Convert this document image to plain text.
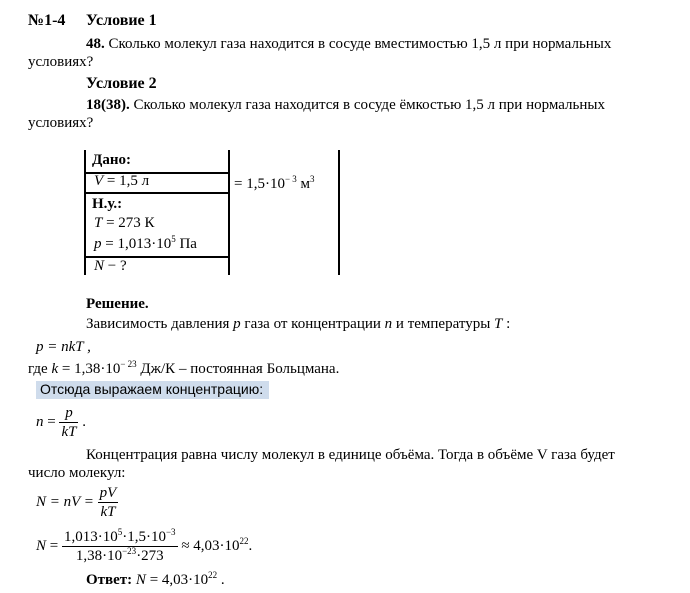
№1-4 Условие 1
48. Сколько молекул газа находится в сосуде вместимостью 1,5 л при нормальных
условиях?
Условие 2
18(38). Сколько молекул газа находится в сосуде ёмкостью 1,5 л при нормальных
условиях?
Дано:
V = 1,5 л	= $1,5\cdot 10^{- 3}$ $м^3$
Н.у.:
T = 273 К
$p = 1,013\cdot 10^5$ Па
N − ?
Решение.
Зависимость давления p газа от концентрации n и температуры T :
p = nkT ,
где $k = 1,38\cdot 10^{- 23}$ Дж/К – постоянная Больцмана.
Отсюда выражаем концентрацию:
$n = \frac{p}{kT}$ .
Концентрация равна числу молекул в единице объёма. Тогда в объёме V газа будет
число молекул:
N = nV = $\frac{pV}{kT}$
$N = \frac{1,013\cdot 10^5\cdot 1,5\cdot 10^{-3}}{1,38\cdot 10^{-23}\cdot 273} \approx 4,03\cdot 10^{22}$.
Ответ: $N = 4,03\cdot 10^{22}$ .
